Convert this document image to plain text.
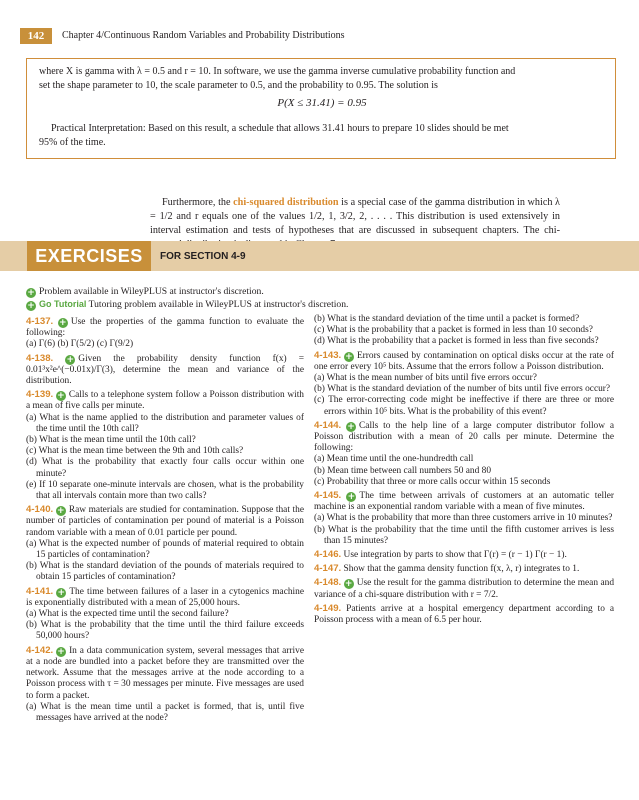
142	Chapter 4/Continuous Random Variables and Probability Distributions

where X is gamma with λ = 0.5 and r = 10. In software, we use the gamma inverse cumulative probability function and

set the shape parameter to 10, the scale parameter to 0.5, and the probability to 0.95. The solution is

P(X ≤ 31.41) = 0.95

Practical Interpretation: Based on this result, a schedule that allows 31.41 hours to prepare 10 slides should be met

95% of the time.

Furthermore, the chi-squared distribution is a special case of the gamma distribution in which λ = 1/2 and r equals one of the values 1/2, 1, 3/2, 2, . . . . This distribution is used extensively in interval estimation and tests of hypotheses that are discussed in subsequent chapters. The chi-
EXERCISES	FOR SECTION 4-9
+ Problem available in WileyPLUS at instructor's discretion.
+ Go Tutorial Tutoring problem available in WileyPLUS at instructor's discretion.

4-137. + Use the properties of the gamma function to evaluate the following:

(a) Γ(6) (b) Γ(5/2) (c) Γ(9/2)

4-138. + Given the probability density function f(x) = 0.01³x²e^(−0.01x)/Γ(3), determine the mean and variance of the distribution.

4-139. + Calls to a telephone system follow a Poisson distribution with a mean of five calls per minute.

(a) What is the name applied to the distribution and parameter values of the time until the 10th call?

(b) What is the mean time until the 10th call?

(c) What is the mean time between the 9th and 10th calls?

(d) What is the probability that exactly four calls occur within one minute?

(e) If 10 separate one-minute intervals are chosen, what is the probability that all intervals contain more than two calls?

4-140. + Raw materials are studied for contamination. Suppose that the number of particles of contamination per pound of material is a Poisson random variable with a mean of 0.01 particle per pound.

(a) What is the expected number of pounds of material required to obtain 15 particles of contamination?

(b) What is the standard deviation of the pounds of materials required to obtain 15 particles of contamination?

4-141. + The time between failures of a laser in a cytogenics machine is exponentially distributed with a mean of 25,000 hours.

(a) What is the expected time until the second failure?

(b) What is the probability that the time until the third failure exceeds 50,000 hours?

4-142. + In a data communication system, several messages that arrive at a node are bundled into a packet before they are transmitted over the network. Assume that the messages arrive at the node according to a Poisson process with τ = 30 messages per minute. Five messages are used to form a packet.

(a) What is the mean time until a packet is formed, that is, until five messages have arrived at the node?

(b) What is the standard deviation of the time until a packet is formed?

(c) What is the probability that a packet is formed in less than 10 seconds?

(d) What is the probability that a packet is formed in less than five seconds?

4-143. + Errors caused by contamination on optical disks occur at the rate of one error every 10⁵ bits. Assume that the errors follow a Poisson distribution.

(a) What is the mean number of bits until five errors occur?

(b) What is the standard deviation of the number of bits until five errors occur?

(c) The error-correcting code might be ineffective if there are three or more errors within 10⁵ bits. What is the probability of this event?

4-144. + Calls to the help line of a large computer distributor follow a Poisson distribution with a mean of 20 calls per minute. Determine the following:

(a) Mean time until the one-hundredth call

(b) Mean time between call numbers 50 and 80

(c) Probability that three or more calls occur within 15 seconds

4-145. + The time between arrivals of customers at an automatic teller machine is an exponential random variable with a mean of five minutes.

(a) What is the probability that more than three customers arrive in 10 minutes?

(b) What is the probability that the time until the fifth customer arrives is less than 15 minutes?

4-146. Use integration by parts to show that Γ(r) = (r − 1) Γ(r − 1).

4-147. Show that the gamma density function f(x, λ, r) integrates to 1.

4-148. + Use the result for the gamma distribution to determine the mean and variance of a chi-square distribution with r = 7/2.

4-149. Patients arrive at a hospital emergency department according to a Poisson process with a mean of 6.5 per hour.
